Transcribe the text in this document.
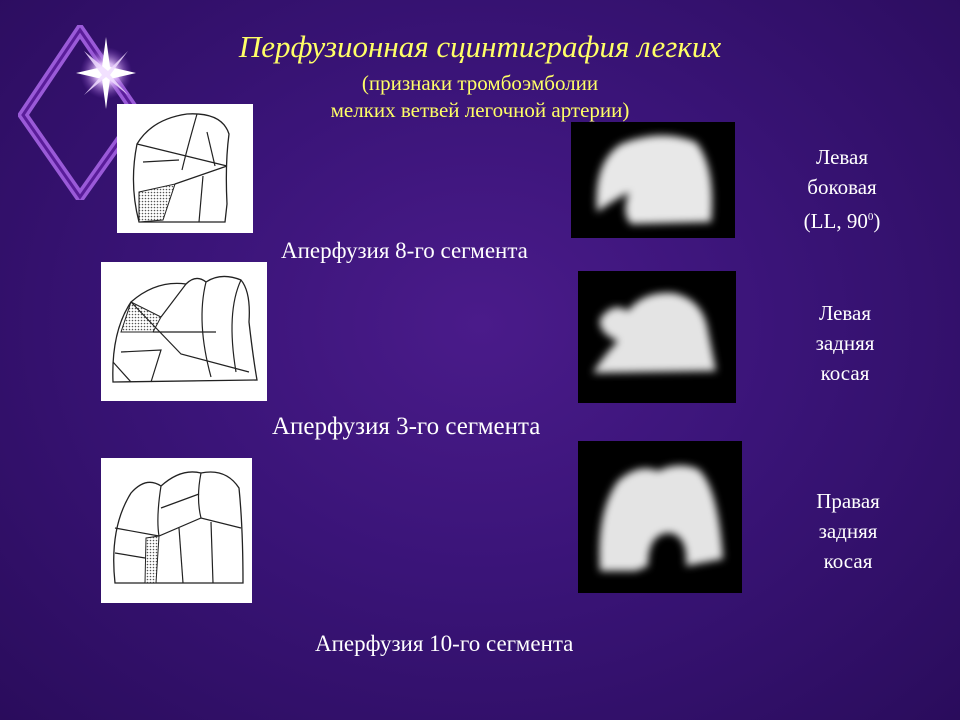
Перфузионная сцинтиграфия легких
(признаки тромбоэмболии
мелких ветвей легочной артерии)
Аперфузия 8-го сегмента
Левая
боковая
(LL, $90^0$)
Аперфузия 3-го сегмента
Левая
задняя
косая
Аперфузия 10-го сегмента
Правая
задняя
косая
